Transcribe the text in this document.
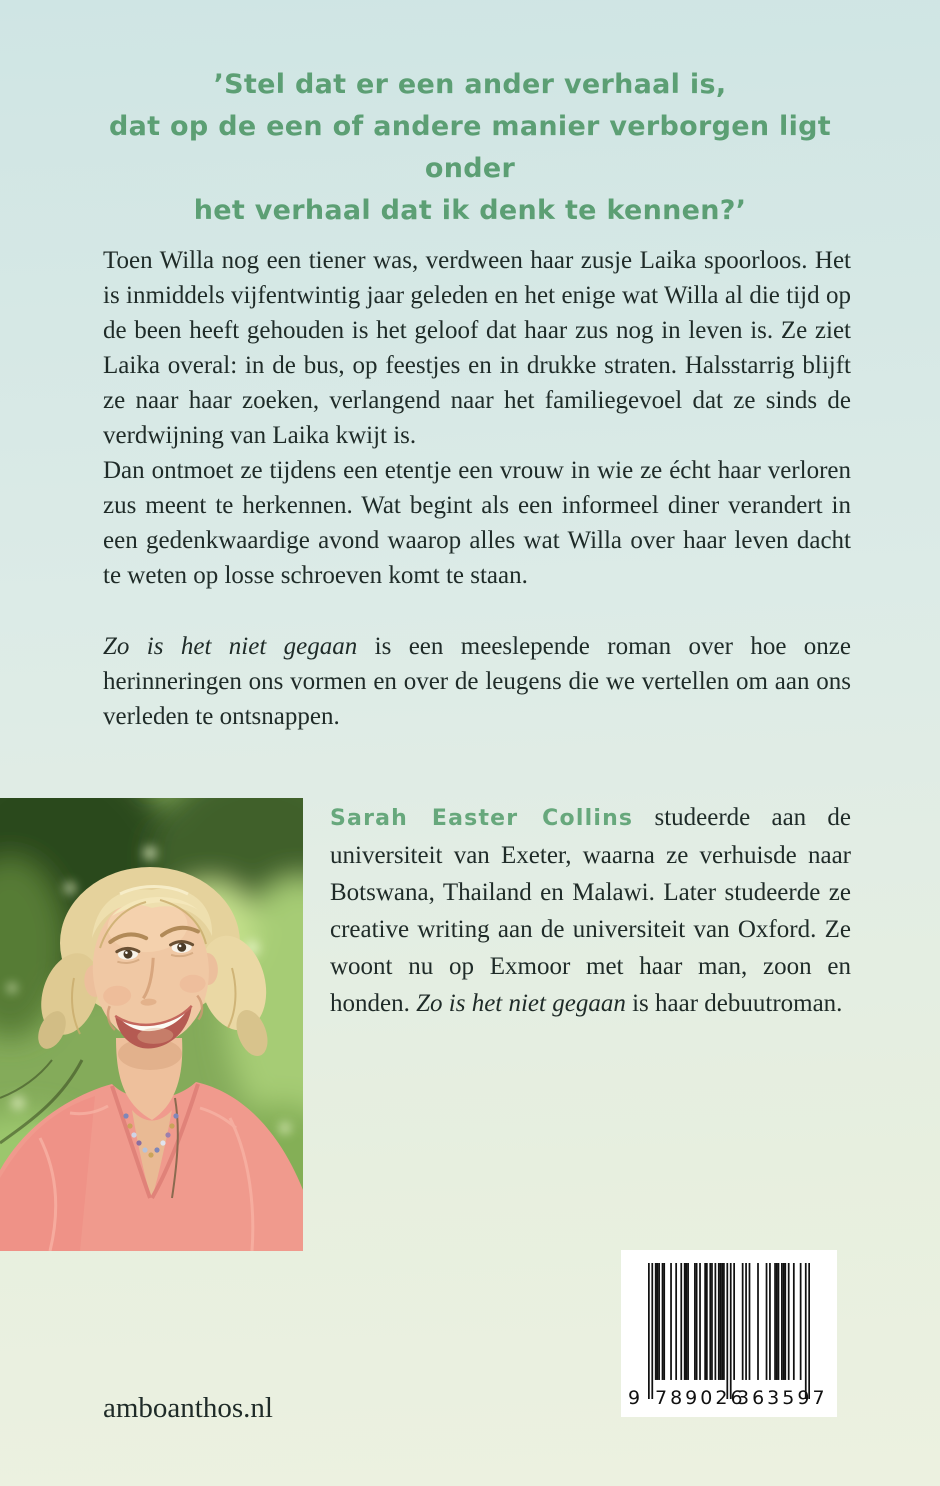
’Stel dat er een ander verhaal is,
dat op de een of andere manier verborgen ligt onder
het verhaal dat ik denk te kennen?’

Toen Willa nog een tiener was, verdween haar zusje Laika spoorloos. Het is inmiddels vijfentwintig jaar geleden en het enige wat Willa al die tijd op de been heeft gehouden is het geloof dat haar zus nog in leven is. Ze ziet Laika overal: in de bus, op feestjes en in drukke straten. Halsstarrig blijft ze naar haar zoeken, verlangend naar het familiegevoel dat ze sinds de verdwijning van Laika kwijt is.

Dan ontmoet ze tijdens een etentje een vrouw in wie ze écht haar verloren zus meent te herkennen. Wat begint als een informeel diner verandert in een gedenkwaardige avond waarop alles wat Willa over haar leven dacht te weten op losse schroeven komt te staan.

Zo is het niet gegaan is een meeslepende roman over hoe onze herinneringen ons vormen en over de leugens die we vertellen om aan ons verleden te ontsnappen.

Sarah Easter Collins studeerde aan de universiteit van Exeter, waarna ze verhuisde naar Botswana, Thailand en Malawi. Later studeerde ze creative writing aan de universiteit van Oxford. Ze woont nu op Exmoor met haar man, zoon en honden. Zo is het niet gegaan is haar debuutroman.

9 789026
363597
amboanthos.nl
